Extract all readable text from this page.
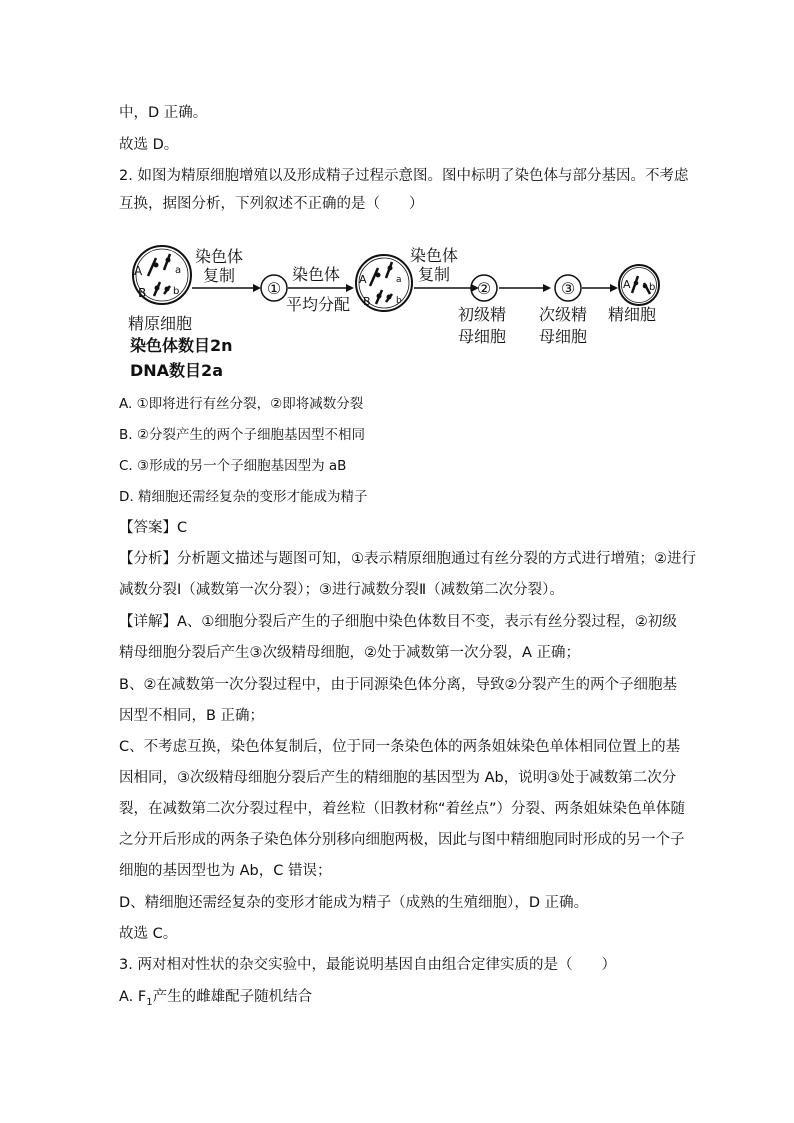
中，D 正确。
故选 D。
2. 如图为精原细胞增殖以及形成精子过程示意图。图中标明了染色体与部分基因。不考虑
互换，据图分析，下列叙述不正确的是（　　）
A	a
B	b
染色体
复制
①
染色体
平均分配
A	a
B	b
染色体
复制
②	③	A b
精原细胞
染色体数目2n
DNA数目2a
初级精
母细胞
次级精
母细胞
精细胞
A. ①即将进行有丝分裂，②即将减数分裂
B. ②分裂产生的两个子细胞基因型不相同
C. ③形成的另一个子细胞基因型为 aB
D. 精细胞还需经复杂的变形才能成为精子
【答案】C
【分析】分析题文描述与题图可知，①表示精原细胞通过有丝分裂的方式进行增殖；②进行
减数分裂Ⅰ（减数第一次分裂）；③进行减数分裂Ⅱ（减数第二次分裂）。
【详解】A、①细胞分裂后产生的子细胞中染色体数目不变，表示有丝分裂过程，②初级
精母细胞分裂后产生③次级精母细胞，②处于减数第一次分裂，A 正确；
B、②在减数第一次分裂过程中，由于同源染色体分离，导致②分裂产生的两个子细胞基
因型不相同，B 正确；
C、不考虑互换，染色体复制后，位于同一条染色体的两条姐妹染色单体相同位置上的基
因相同，③次级精母细胞分裂后产生的精细胞的基因型为 Ab，说明③处于减数第二次分
裂，在减数第二次分裂过程中，着丝粒（旧教材称“着丝点”）分裂、两条姐妹染色单体随
之分开后形成的两条子染色体分别移向细胞两极，因此与图中精细胞同时形成的另一个子
细胞的基因型也为 Ab，C 错误；
D、精细胞还需经复杂的变形才能成为精子（成熟的生殖细胞），D 正确。
故选 C。
3. 两对相对性状的杂交实验中，最能说明基因自由组合定律实质的是（　　）
A. $F_1$产生的雌雄配子随机结合
